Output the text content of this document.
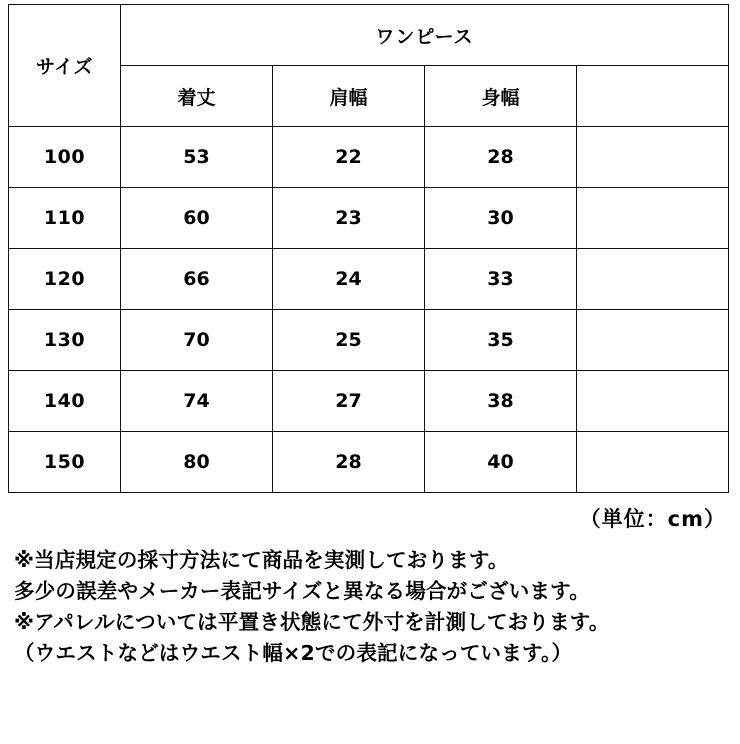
サイズ	ワンピース			
	着丈	肩幅	身幅	
100	53	22	28	
110	60	23	30	
120	66	24	33	
130	70	25	35	
140	74	27	38	
150	80	28	40	
（単位：cm）
※当店規定の採寸方法にて商品を実測しております。
多少の誤差やメーカー表記サイズと異なる場合がございます。
※アパレルについては平置き状態にて外寸を計測しております。
（ウエストなどはウエスト幅×2での表記になっています。）
